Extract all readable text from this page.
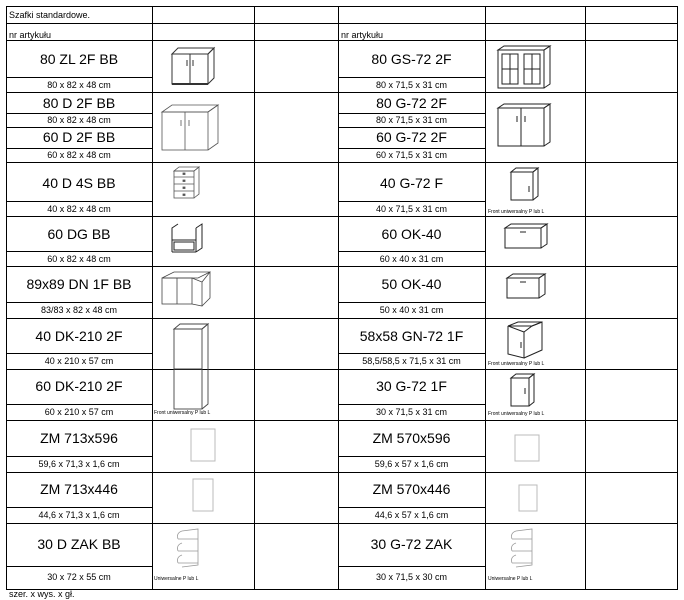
Szafki standardowe.
nr artykułu	nr artykułu
80 ZL 2F BB
80 x 82 x 48 cm
80 D 2F BB
80 x 82 x 48 cm
60 D 2F BB
60 x 82 x 48 cm
40 D 4S BB
40 x 82 x 48 cm
60 DG BB
60 x 82 x 48 cm
89x89 DN 1F BB
83/83 x 82 x 48 cm
40 DK-210 2F
40 x 210 x 57 cm
60 DK-210 2F
60 x 210 x 57 cm
ZM 713x596
59,6 x 71,3 x 1,6 cm
ZM 713x446
44,6 x 71,3 x 1,6 cm
30 D ZAK BB
30 x 72 x 55 cm
80 GS-72 2F
80 x 71,5 x 31 cm
80 G-72 2F
80 x 71,5 x 31 cm
60 G-72 2F
60 x 71,5 x 31 cm
40 G-72 F
40 x 71,5 x 31 cm
60 OK-40
60 x 40 x 31 cm
50 OK-40
50 x 40 x 31 cm
58x58 GN-72 1F
58,5/58,5 x 71,5 x 31 cm
30 G-72 1F
30 x 71,5 x 31 cm
ZM 570x596
59,6 x 57 x 1,6 cm
ZM 570x446
44,6 x 57 x 1,6 cm
30 G-72 ZAK
30 x 71,5 x 30 cm
Front uniwersalny P lub L
Front uniwersalny P lub L
Front uniwersalny P lub L
Front uniwersalny P lub L
Uniwersalne P lub L	Uniwersalne P lub L
szer. x wys. x gł.
